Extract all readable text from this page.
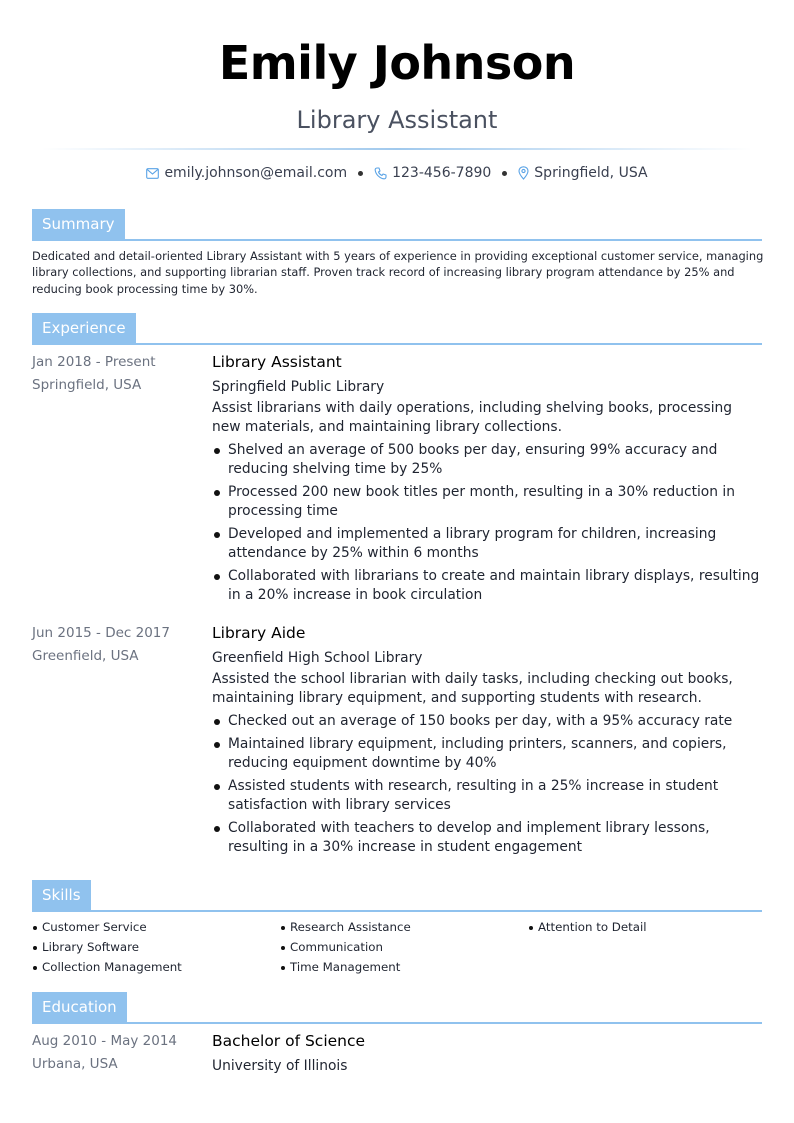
Emily Johnson
Library Assistant
emily.johnson@email.com	123-456-7890	Springfield, USA
Summary
Dedicated and detail-oriented Library Assistant with 5 years of experience in providing exceptional customer service, managing library collections, and supporting librarian staff. Proven track record of increasing library program attendance by 25% and reducing book processing time by 30%.
Experience
Jan 2018 - Present
Springfield, USA
Library Assistant
Springfield Public Library
Assist librarians with daily operations, including shelving books, processing new materials, and maintaining library collections.
Shelved an average of 500 books per day, ensuring 99% accuracy and reducing shelving time by 25%
Processed 200 new book titles per month, resulting in a 30% reduction in processing time
Developed and implemented a library program for children, increasing attendance by 25% within 6 months
Collaborated with librarians to create and maintain library displays, resulting in a 20% increase in book circulation
Jun 2015 - Dec 2017
Greenfield, USA
Library Aide
Greenfield High School Library
Assisted the school librarian with daily tasks, including checking out books, maintaining library equipment, and supporting students with research.
Checked out an average of 150 books per day, with a 95% accuracy rate
Maintained library equipment, including printers, scanners, and copiers, reducing equipment downtime by 40%
Assisted students with research, resulting in a 25% increase in student satisfaction with library services
Collaborated with teachers to develop and implement library lessons, resulting in a 30% increase in student engagement
Skills
Customer Service
Library Software
Collection Management
Research Assistance
Communication
Time Management
Attention to Detail
Education
Aug 2010 - May 2014
Urbana, USA
Bachelor of Science
University of Illinois
